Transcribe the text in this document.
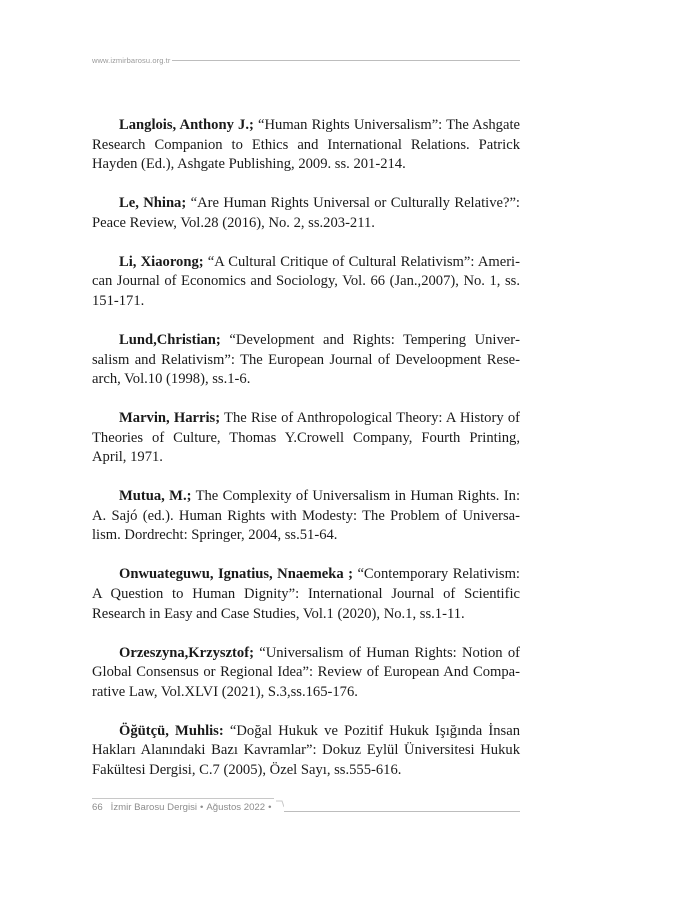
www.izmirbarosu.org.tr

Langlois, Anthony J.; “Human Rights Universalism”: The Ashgate Research Companion to Ethics and International Relations. Patrick Hayden (Ed.), Ashgate Publishing, 2009. ss. 201-214.

Le, Nhina; “Are Human Rights Universal or Culturally Relative?”: Peace Review, Vol.28 (2016), No. 2, ss.203-211.

Li, Xiaorong; “A Cultural Critique of Cultural Relativism”: American Journal of Economics and Sociology, Vol. 66 (Jan.,2007), No. 1, ss. 151-171.

Lund,Christian; “Development and Rights: Tempering Universalism and Relativism”: The European Journal of Develoopment Research, Vol.10 (1998), ss.1-6.

Marvin, Harris; The Rise of Anthropological Theory: A History of Theories of Culture, Thomas Y.Crowell Company, Fourth Printing, April, 1971.

Mutua, M.; The Complexity of Universalism in Human Rights. In: A. Sajó (ed.). Human Rights with Modesty: The Problem of Universalism. Dordrecht: Springer, 2004, ss.51-64.

Onwuateguwu, Ignatius, Nnaemeka ; “Contemporary Relativism: A Question to Human Dignity”: International Journal of Scientific Research in Easy and Case Studies, Vol.1 (2020), No.1, ss.1-11.

Orzeszyna,Krzysztof; “Universalism of Human Rights: Notion of Global Consensus or Regional Idea”: Review of European And Comparative Law, Vol.XLVI (2021), S.3,ss.165-176.

Öğütçü, Muhlis: “Doğal Hukuk ve Pozitif Hukuk Işığında İnsan Hakları Alanındaki Bazı Kavramlar”: Dokuz Eylül Üniversitesi Hukuk Fakültesi Dergisi, C.7 (2005), Özel Sayı, ss.555-616.

66 İzmir Barosu Dergisi • Ağustos 2022 •
